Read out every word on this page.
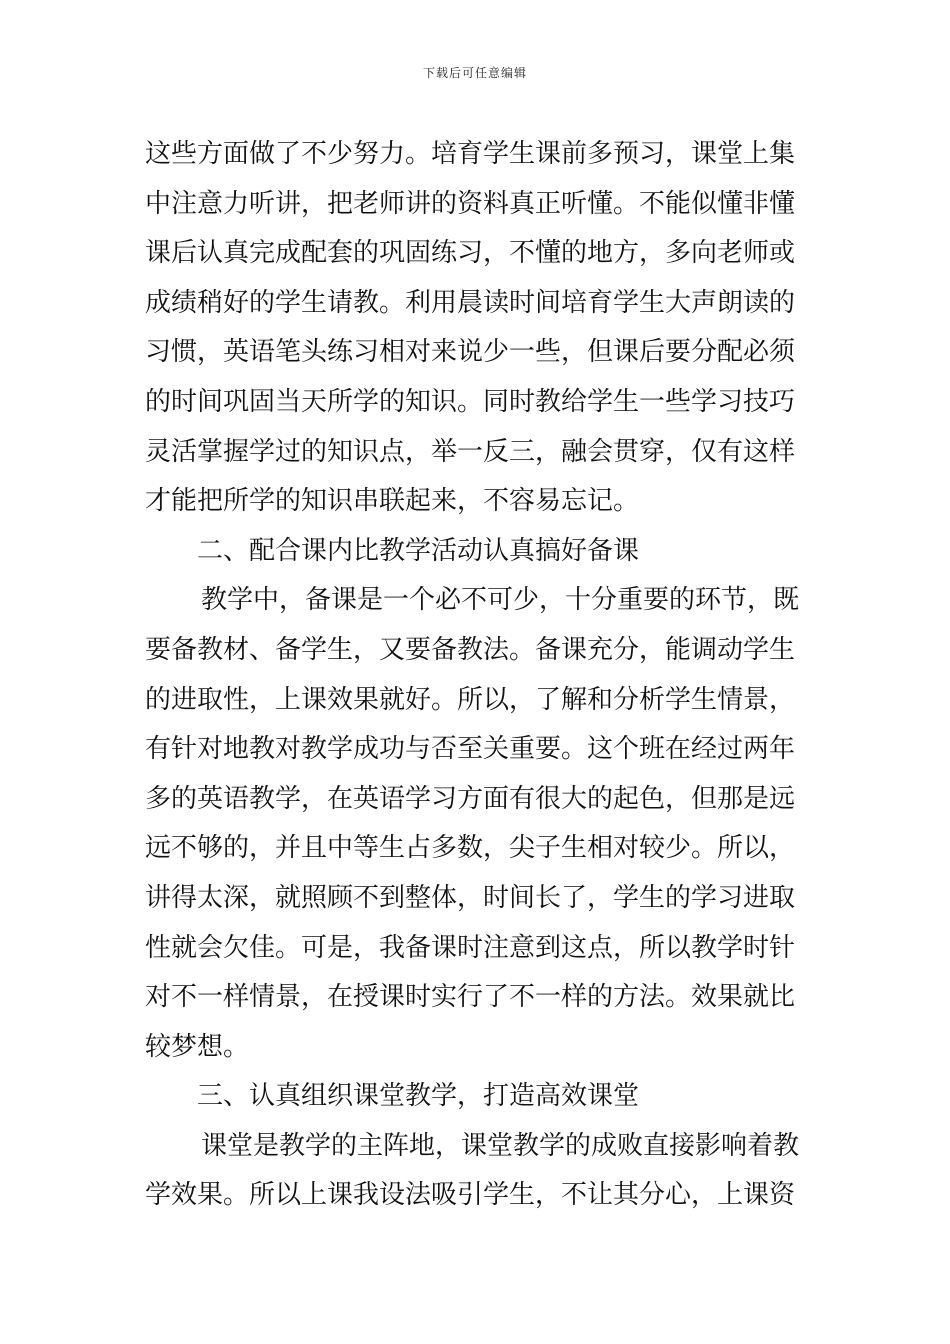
下载后可任意编辑
这些方面做了不少努力。培育学生课前多预习，课堂上集
中注意力听讲，把老师讲的资料真正听懂。不能似懂非懂
课后认真完成配套的巩固练习，不懂的地方，多向老师或
成绩稍好的学生请教。利用晨读时间培育学生大声朗读的
习惯，英语笔头练习相对来说少一些，但课后要分配必须
的时间巩固当天所学的知识。同时教给学生一些学习技巧
灵活掌握学过的知识点，举一反三，融会贯穿，仅有这样
才能把所学的知识串联起来，不容易忘记。
二、配合课内比教学活动认真搞好备课
教学中，备课是一个必不可少，十分重要的环节，既
要备教材、备学生，又要备教法。备课充分，能调动学生
的进取性，上课效果就好。所以，了解和分析学生情景，
有针对地教对教学成功与否至关重要。这个班在经过两年
多的英语教学，在英语学习方面有很大的起色，但那是远
远不够的，并且中等生占多数，尖子生相对较少。所以，
讲得太深，就照顾不到整体，时间长了，学生的学习进取
性就会欠佳。可是，我备课时注意到这点，所以教学时针
对不一样情景，在授课时实行了不一样的方法。效果就比
较梦想。
三、认真组织课堂教学，打造高效课堂
课堂是教学的主阵地，课堂教学的成败直接影响着教
学效果。所以上课我设法吸引学生，不让其分心，上课资
